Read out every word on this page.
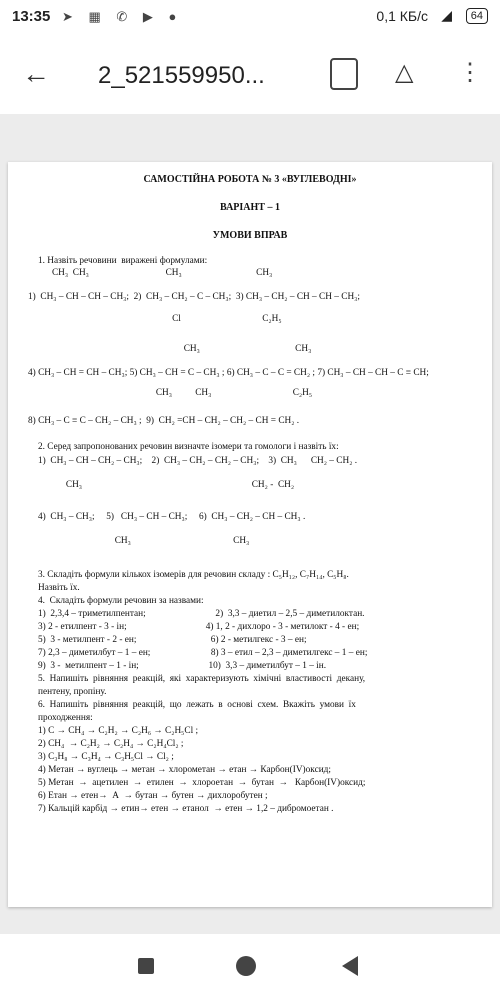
13:35 ➤ ▦ ✆ ▶ ●	0,1 КБ/с ◢	64
← 2_521559950...	△ ⋮
САМОСТІЙНА РОБОТА № 3 «ВУГЛЕВОДНІ»
ВАРІАНТ – 1
УМОВИ ВПРАВ
1. Назвіть речовини  виражені формулами:
CH₃  CH₃                                 CH₃                                CH₃
1)  CH₃ – CH – CH – CH₃;  2)  CH₃ – CH₂ – C – CH₃;  3) CH₃ – CH₂ – CH – CH – CH₃;
Cl                                   C₂H₅
CH₃                                         CH₃
4) CH₃ – CH = CH – CH₃; 5) CH₃ – CH = C – CH₃ ; 6) CH₃ – C – C = CH₂ ; 7) CH₃ – CH – CH – C ≡ CH;
CH₃          CH₃                                   C₂H₅
8) CH₃ – C ≡ C – CH₂ – CH₃ ;  9)  CH₂ =CH – CH₂ – CH₂ – CH = CH₂ .
2. Серед запропонованих речовин визначте ізомери та гомологи і назвіть їх:
1)  CH₃ – CH – CH₂ – CH₃;    2)  CH₃ – CH₂ – CH₂ – CH₃;    3)  CH₃      CH₂ – CH₂ .
CH₃                                                                         CH₂ -  CH₂
4)  CH₃ – CH₃;     5)   CH₃ – CH – CH₃;     6)  CH₃ – CH₂ – CH – CH₃ .
CH₃                                            CH₃
3. Складіть формули кількох ізомерів для речовин складу : C₅H₁₂, C₇H₁₄, C₅H₈.
Назвіть їх.
4.  Складіть формули речовин за назвами:
1)  2,3,4 – триметилпентан;                              2)  3,3 – диетил – 2,5 – диметилоктан.
3) 2 - етилпент - 3 - ін;                                  4) 1, 2 - дихлоро - 3 - метилокт - 4 - ен;
5)  3 - метилпент - 2 - ен;                                6) 2 - метилгекс - 3 – ен;
7) 2,3 – диметилбут – 1 – ен;                          8) 3 – етил – 2,3 – диметилгекс – 1 – ен;
9)  3 -  метилпент – 1 - ін;                              10)  3,3 – диметилбут – 1 – ін.
5.  Напишіть  рівняння  реакцій,  які  характеризують  хімічні  властивості  декану,
пентену, пропіну.
6.  Напишіть  рівняння  реакцій,  що  лежать  в  основі  схем.  Вкажіть  умови  їх
проходження:
1) C → CH₄ → C₂H₂ → C₂H₆ → C₂H₅Cl ;
2) CH₄  → C₂H₂ → C₂H₄ → C₂H₄Cl₂ ;
3) C₃H₈ → C₃H₄ → C₃H₅Cl → Cl₂ ;
4) Метан → вуглець → метан → хлорометан → етан → Карбон(IV)оксид;
5) Метан  →  ацетилен  →  етилен  →  хлороетан  →  бутан  →   Карбон(IV)оксид;
6) Етан → етен→  А  → бутан → бутен → дихлоробутен ;
7) Кальцій карбід → етин→ етен → етанол  → етен → 1,2 – дибромоетан .
